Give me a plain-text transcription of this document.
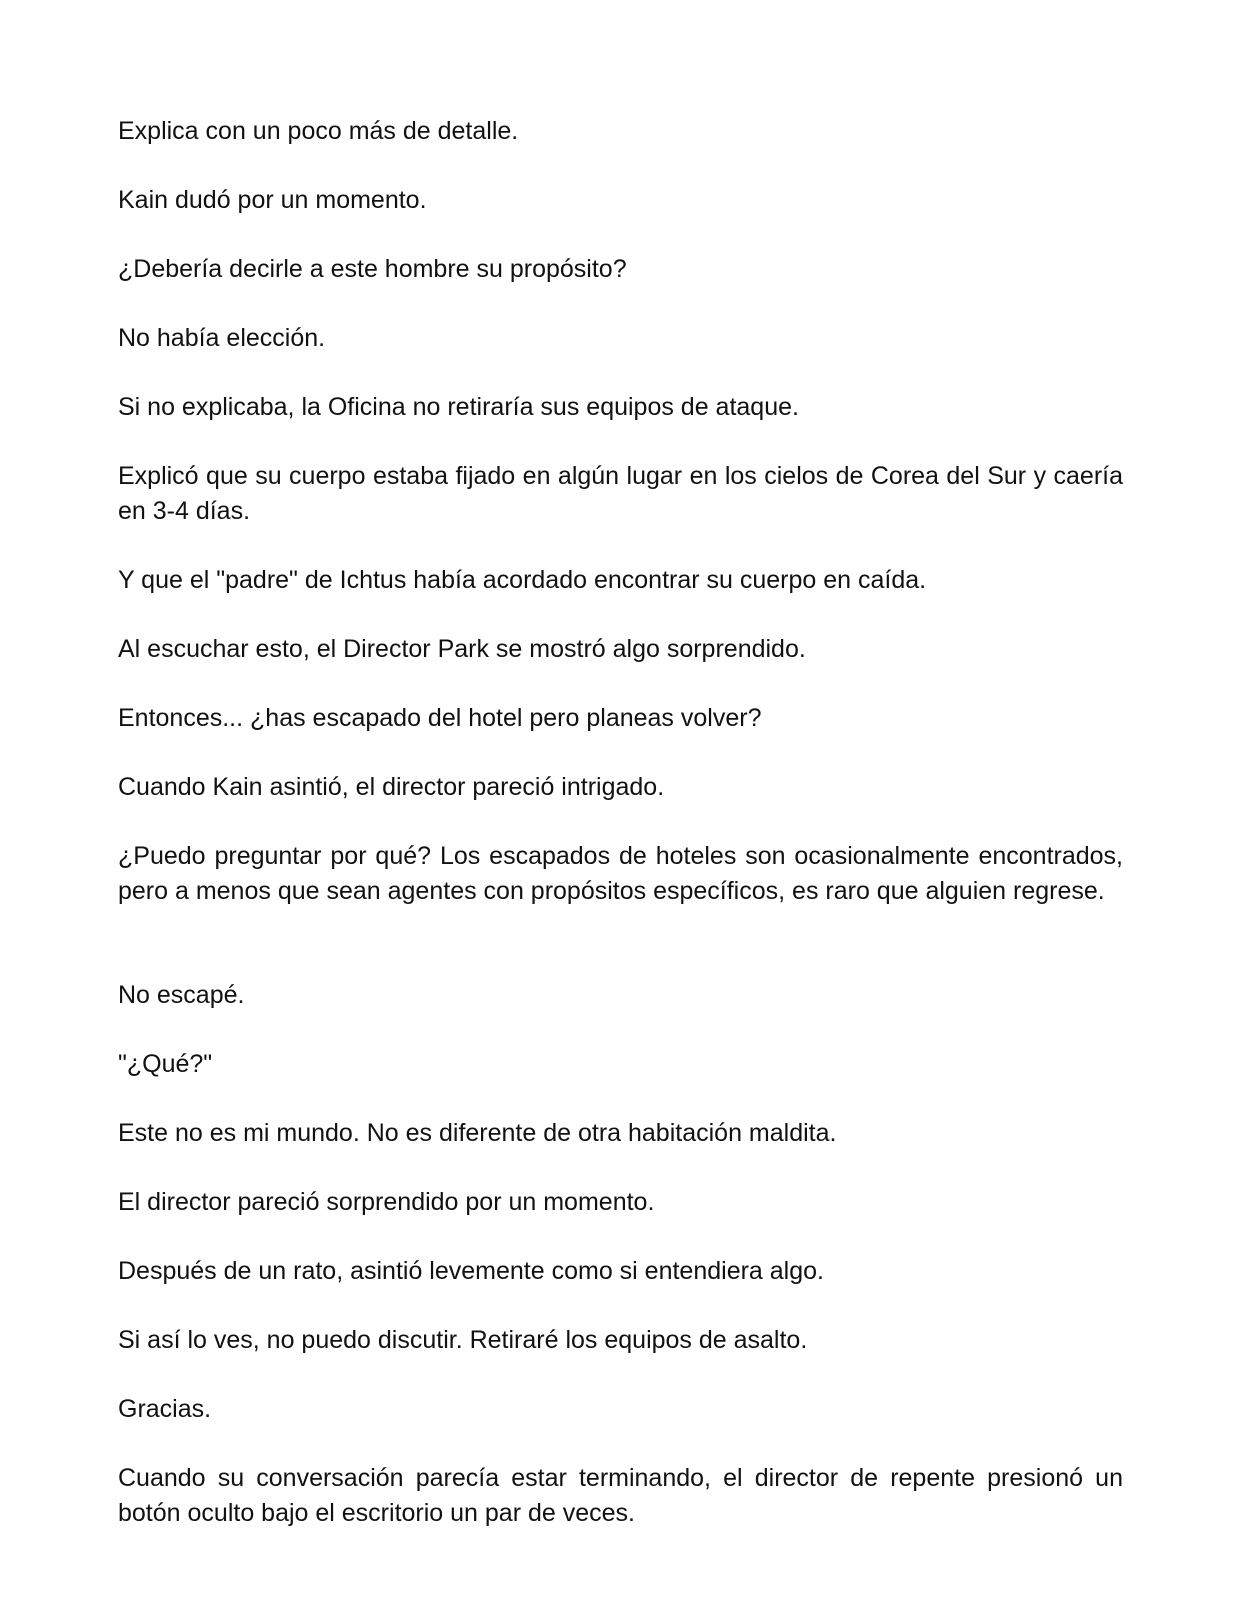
Explica con un poco más de detalle.

Kain dudó por un momento.

¿Debería decirle a este hombre su propósito?

No había elección.

Si no explicaba, la Oficina no retiraría sus equipos de ataque.

Explicó que su cuerpo estaba fijado en algún lugar en los cielos de Corea del Sur y caería en 3-4 días.

Y que el "padre" de Ichtus había acordado encontrar su cuerpo en caída.

Al escuchar esto, el Director Park se mostró algo sorprendido.

Entonces... ¿has escapado del hotel pero planeas volver?

Cuando Kain asintió, el director pareció intrigado.

¿Puedo preguntar por qué? Los escapados de hoteles son ocasionalmente encontrados, pero a menos que sean agentes con propósitos específicos, es raro que alguien regrese.

No escapé.

"¿Qué?"

Este no es mi mundo. No es diferente de otra habitación maldita.

El director pareció sorprendido por un momento.

Después de un rato, asintió levemente como si entendiera algo.

Si así lo ves, no puedo discutir. Retiraré los equipos de asalto.

Gracias.

Cuando su conversación parecía estar terminando, el director de repente presionó un botón oculto bajo el escritorio un par de veces.
